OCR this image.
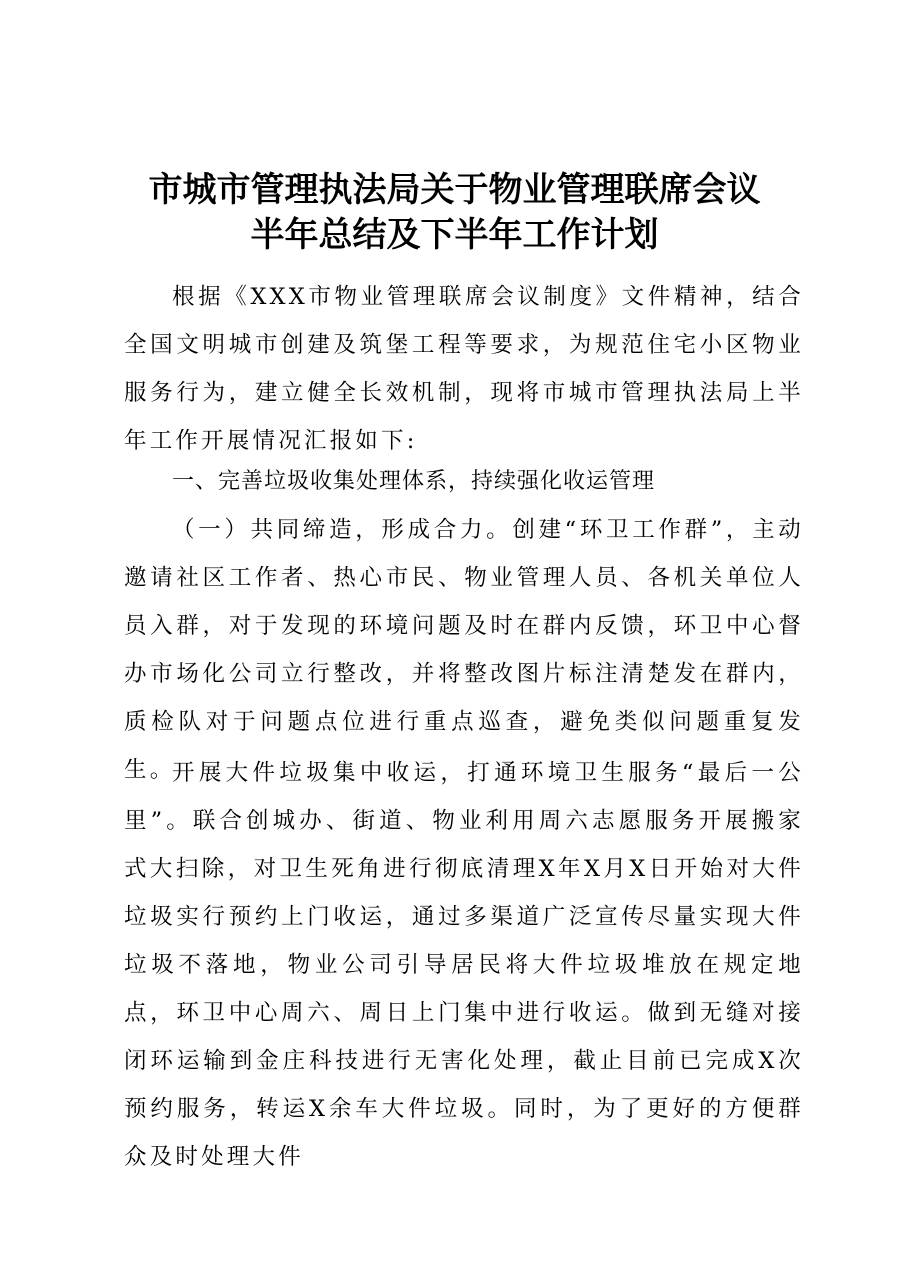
市城市管理执法局关于物业管理联席会议
半年总结及下半年工作计划
根据《XXX市物业管理联席会议制度》文件精神，结合全国文明城市创建及筑堡工程等要求，为规范住宅小区物业服务行为，建立健全长效机制，现将市城市管理执法局上半年工作开展情况汇报如下:
一、完善垃圾收集处理体系，持续强化收运管理
（一）共同缔造，形成合力。创建“环卫工作群”，主动邀请社区工作者、热心市民、物业管理人员、各机关单位人员入群，对于发现的环境问题及时在群内反馈，环卫中心督办市场化公司立行整改，并将整改图片标注清楚发在群内，质检队对于问题点位进行重点巡查，避免类似问题重复发生。
开展大件垃圾集中收运，打通环境卫生服务“最后一公里”。联合创城办、街道、物业利用周六志愿服务开展搬家式大扫除，对卫生死角进行彻底清理X年X月X日开始对大件垃圾实行预约上门收运，通过多渠道广泛宣传尽量实现大件垃圾不落地，物业公司引导居民将大件垃圾堆放在规定地点，环卫中心周六、周日上门集中进行收运。做到无缝对接闭环运输到金庄科技进行无害化处理，截止目前已完成X次预约服务，转运X余车大件垃圾。同时，为了更好的方便群众及时处理大件
